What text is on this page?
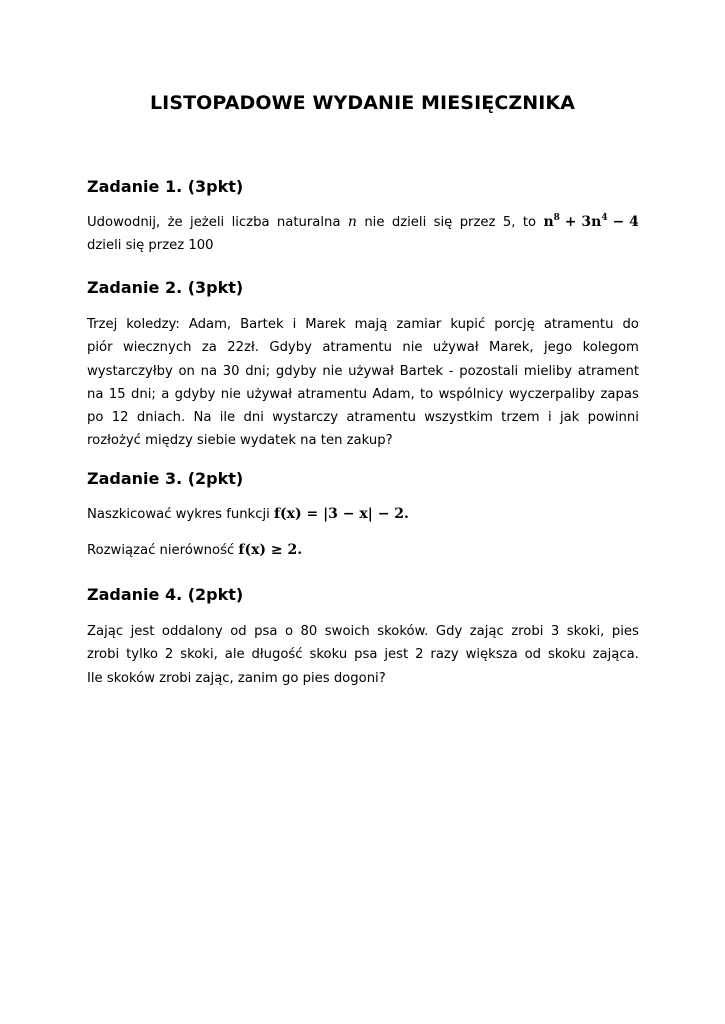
LISTOPADOWE WYDANIE MIESIĘCZNIKA
Zadanie 1. (3pkt)
Udowodnij, że jeżeli liczba naturalna n nie dzieli się przez 5, to $n^8 + 3n^4 - 4$
dzieli się przez 100
Zadanie 2. (3pkt)
Trzej koledzy: Adam, Bartek i Marek mają zamiar kupić porcję atramentu do
piór wiecznych za 22zł. Gdyby atramentu nie używał Marek, jego kolegom
wystarczyłby on na 30 dni; gdyby nie używał Bartek - pozostali mieliby atrament
na 15 dni; a gdyby nie używał atramentu Adam, to wspólnicy wyczerpaliby zapas
po 12 dniach. Na ile dni wystarczy atramentu wszystkim trzem i jak powinni
rozłożyć między siebie wydatek na ten zakup?
Zadanie 3. (2pkt)
Naszkicować wykres funkcji f(x) = |3 − x| − 2.
Rozwiązać nierówność f(x) ≥ 2.
Zadanie 4. (2pkt)
Zając jest oddalony od psa o 80 swoich skoków. Gdy zając zrobi 3 skoki, pies
zrobi tylko 2 skoki, ale długość skoku psa jest 2 razy większa od skoku zająca.
Ile skoków zrobi zając, zanim go pies dogoni?
